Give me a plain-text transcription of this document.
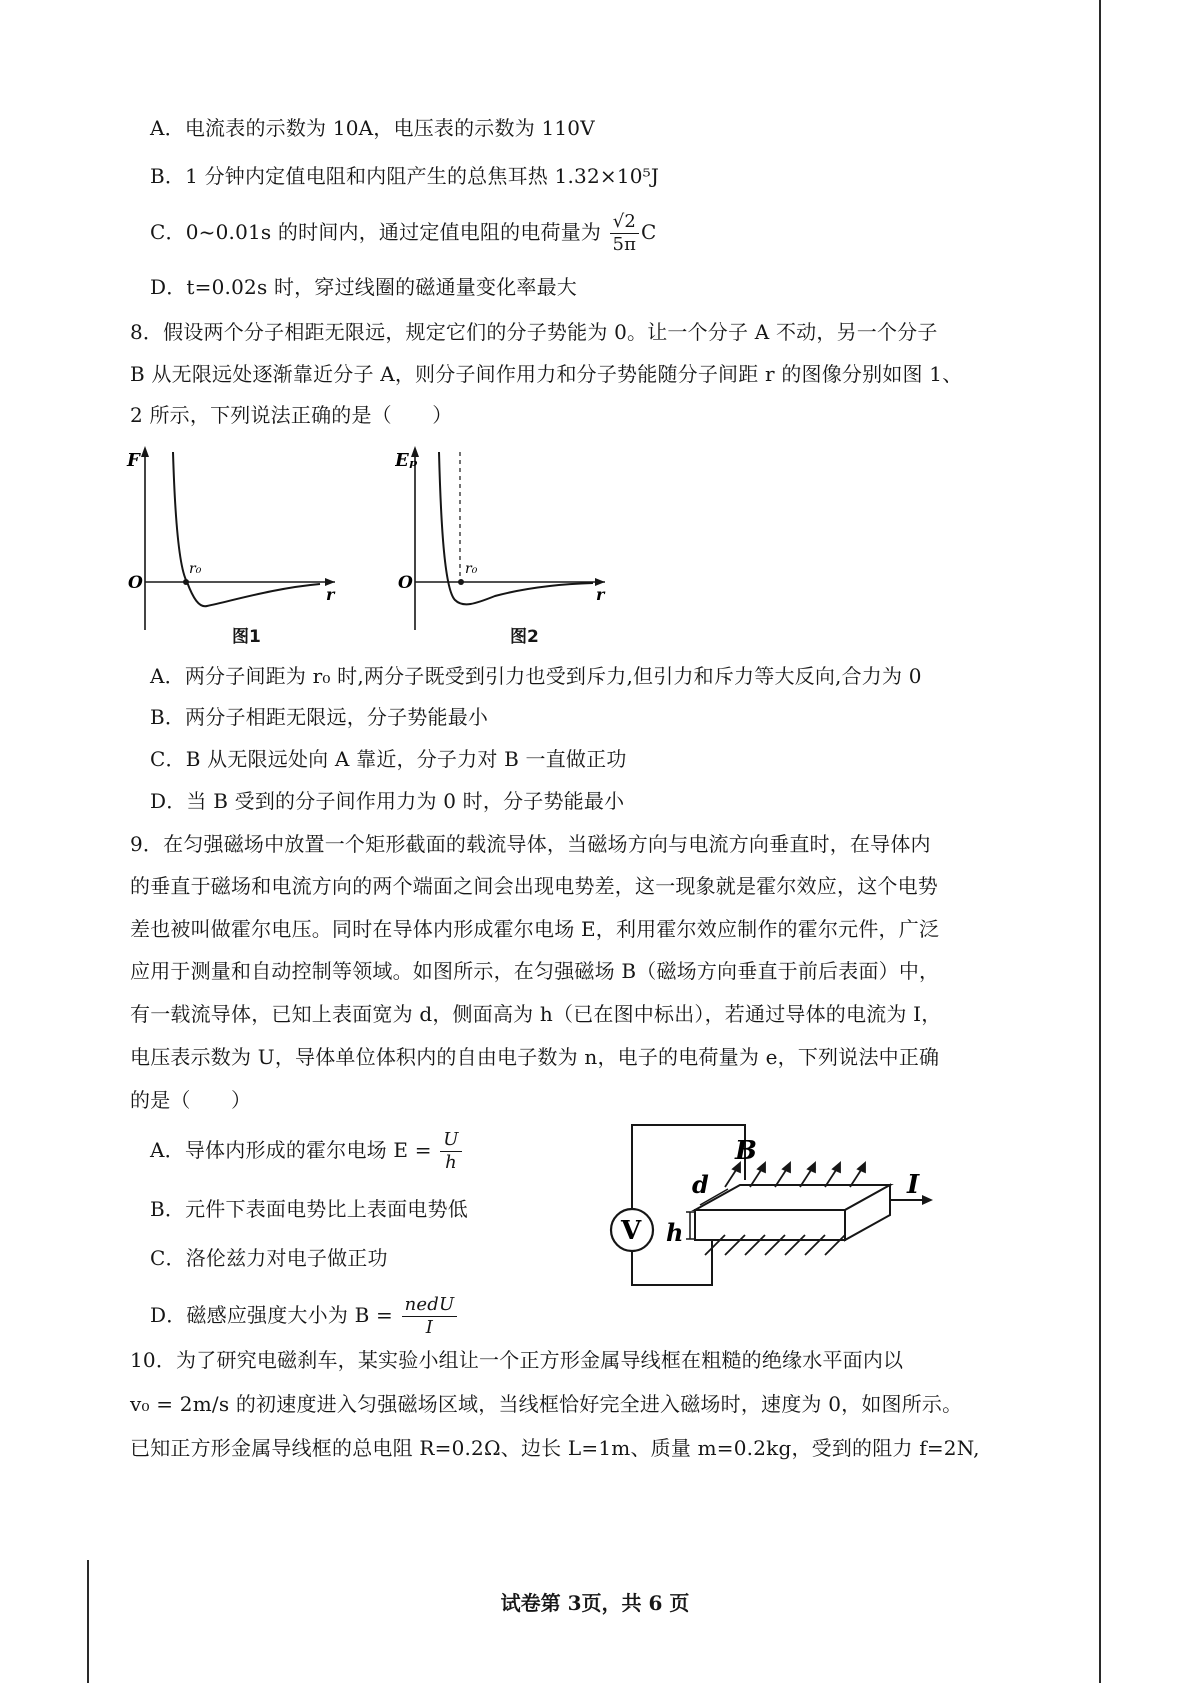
A．电流表的示数为 10A，电压表的示数为 110V
B．1 分钟内定值电阻和内阻产生的总焦耳热 1.32×10⁵J
C．0~0.01s 的时间内，通过定值电阻的电荷量为 $\frac{√2}{5\pi}$ C
D．t=0.02s 时，穿过线圈的磁通量变化率最大
8．假设两个分子相距无限远，规定它们的分子势能为 0。让一个分子 A 不动，另一个分子
B 从无限远处逐渐靠近分子 A，则分子间作用力和分子势能随分子间距 r 的图像分别如图 1、
2 所示，下列说法正确的是（　　）
F
O
r
r₀
图1
Eₚ
O
r
r₀
图2
A．两分子间距为 r₀ 时,两分子既受到引力也受到斥力,但引力和斥力等大反向,合力为 0
B．两分子相距无限远，分子势能最小
C．B 从无限远处向 A 靠近，分子力对 B 一直做正功
D．当 B 受到的分子间作用力为 0 时，分子势能最小
9．在匀强磁场中放置一个矩形截面的载流导体，当磁场方向与电流方向垂直时，在导体内
的垂直于磁场和电流方向的两个端面之间会出现电势差，这一现象就是霍尔效应，这个电势
差也被叫做霍尔电压。同时在导体内形成霍尔电场 E，利用霍尔效应制作的霍尔元件，广泛
应用于测量和自动控制等领域。如图所示，在匀强磁场 B（磁场方向垂直于前后表面）中，
有一载流导体，已知上表面宽为 d，侧面高为 h（已在图中标出），若通过导体的电流为 I，
电压表示数为 U，导体单位体积内的自由电子数为 n，电子的电荷量为 e，下列说法中正确
的是（　　）
A．导体内形成的霍尔电场 $E = \frac{U}{h}$
B．元件下表面电势比上表面电势低
C．洛伦兹力对电子做正功
D．磁感应强度大小为 $B = \frac{\text{nedU}}{I}$
V
B
d
h
I
10．为了研究电磁刹车，某实验小组让一个正方形金属导线框在粗糙的绝缘水平面内以
v₀ = 2m/s 的初速度进入匀强磁场区域，当线框恰好完全进入磁场时，速度为 0，如图所示。
已知正方形金属导线框的总电阻 R=0.2Ω、边长 L=1m、质量 m=0.2kg，受到的阻力 f=2N,
试卷第 3页，共 6 页
